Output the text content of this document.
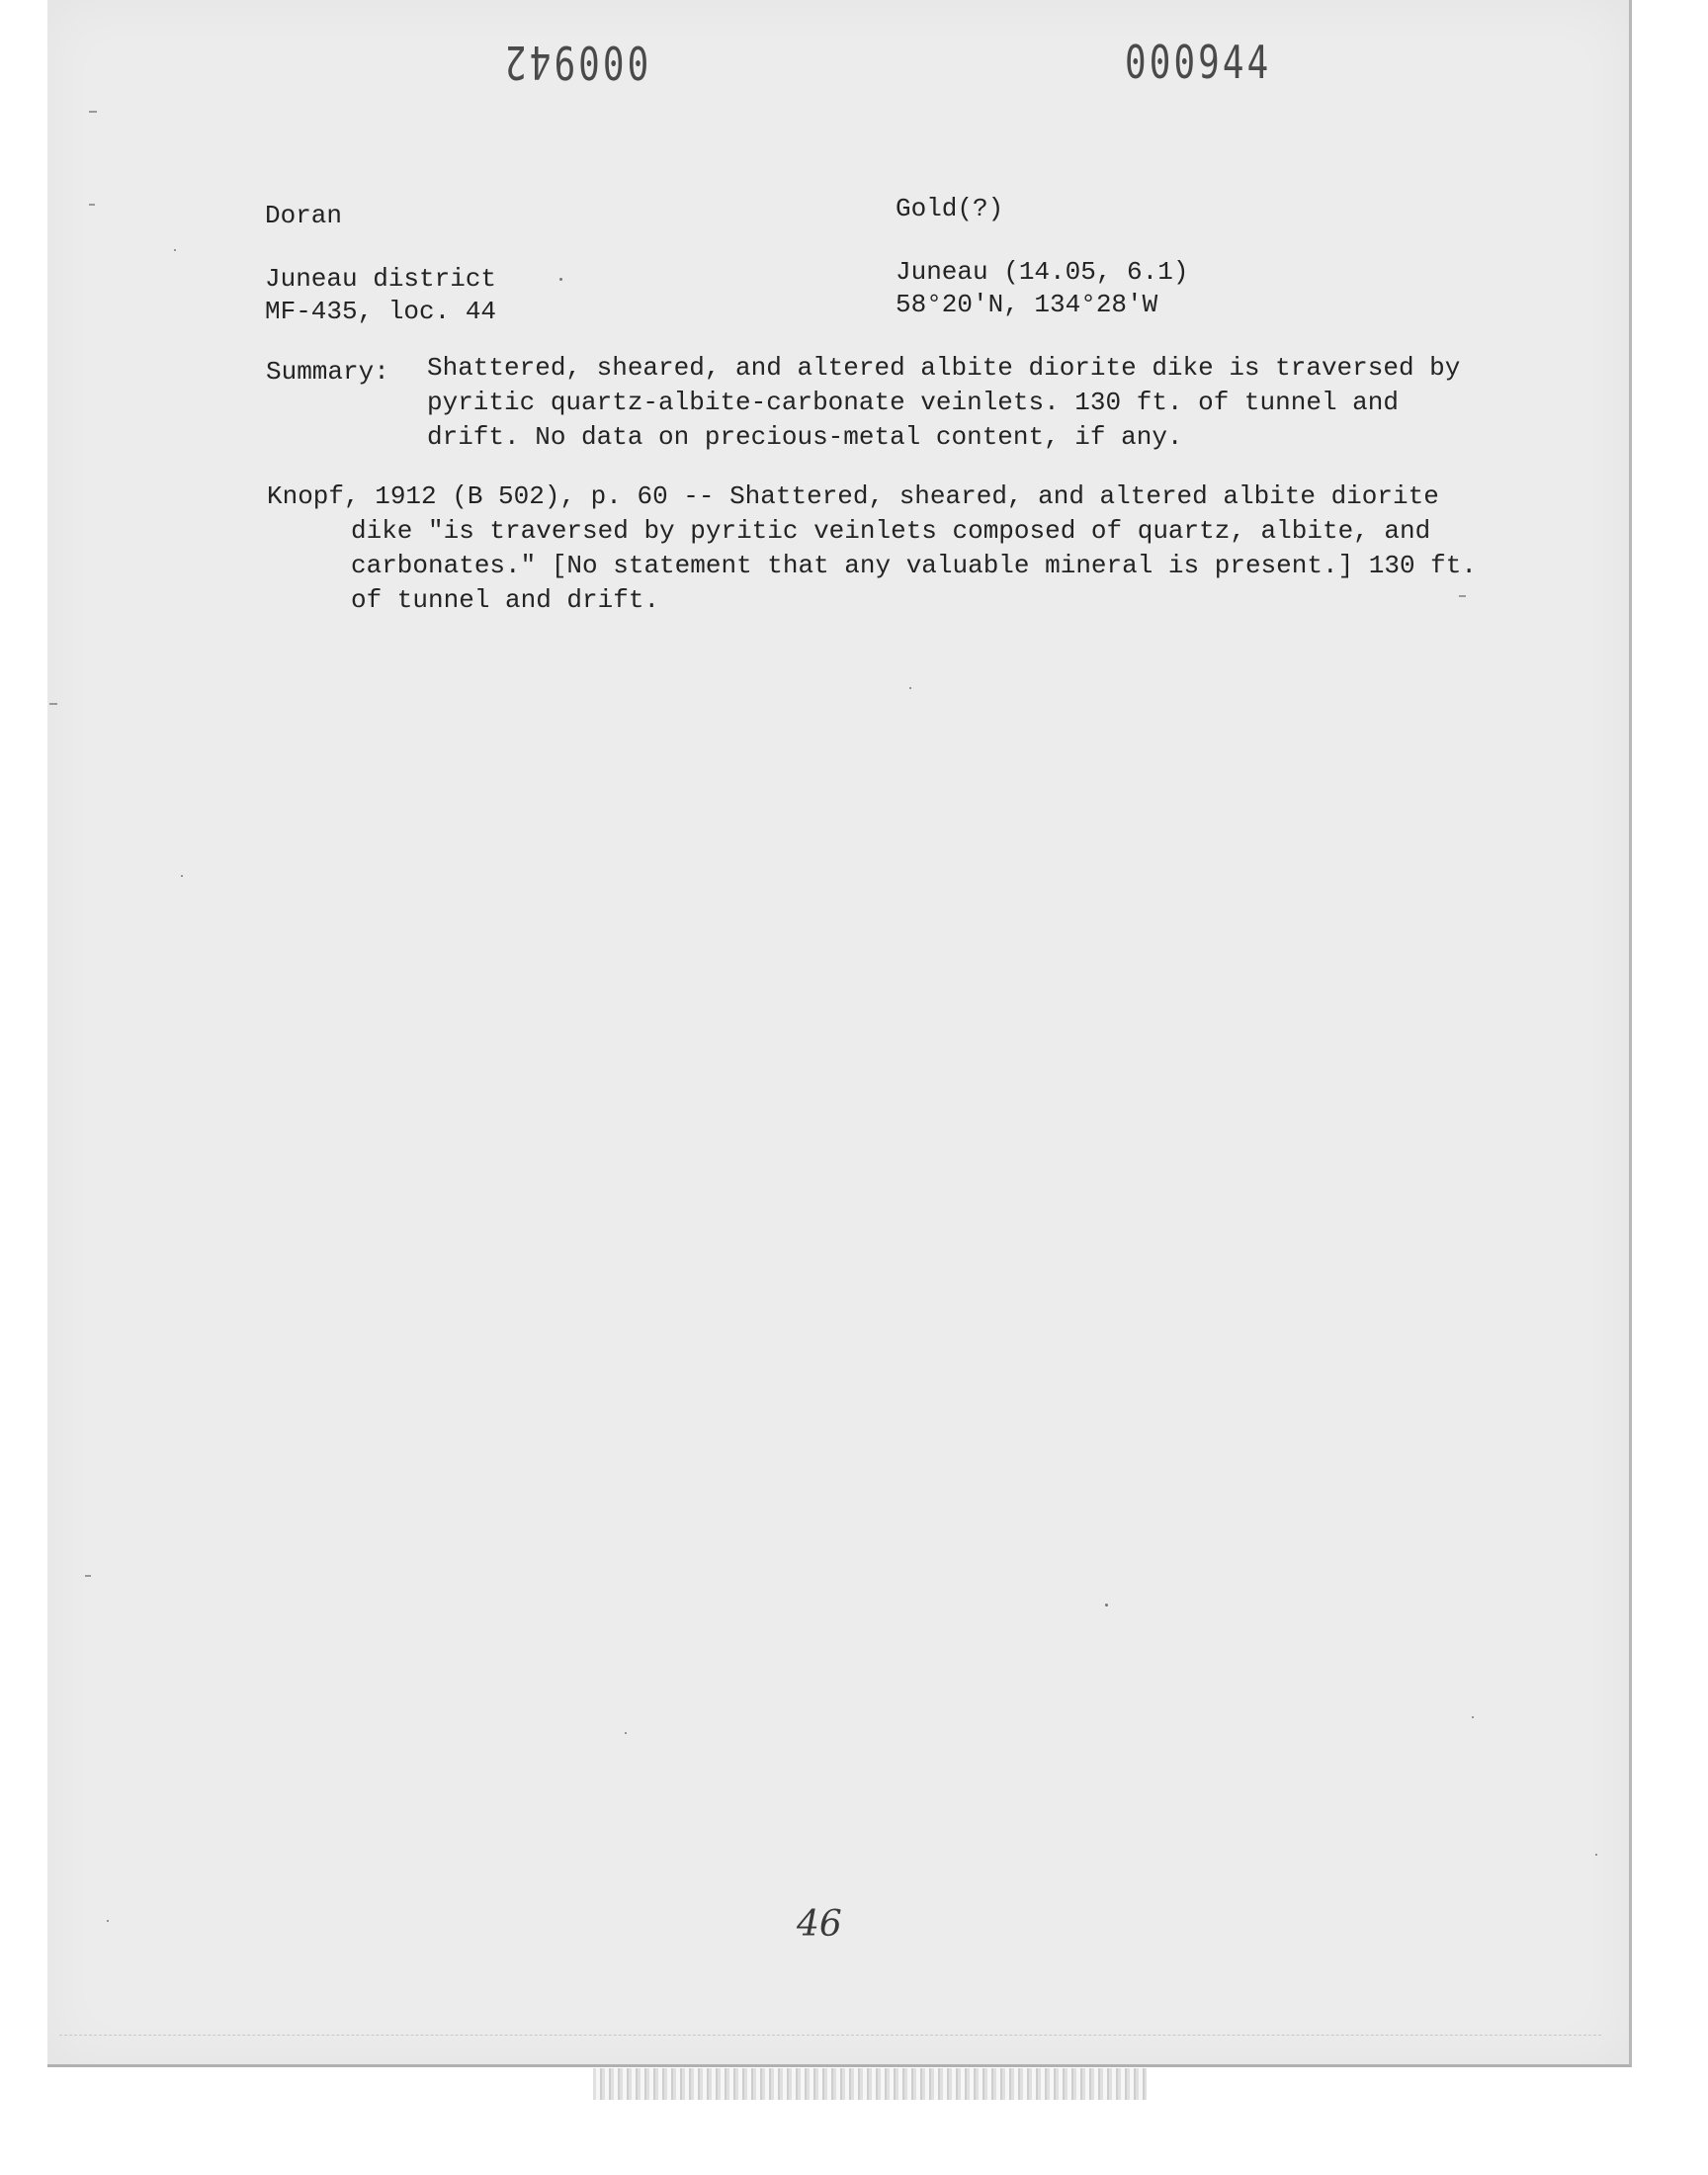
000942	000944
Doran	Gold(?)
Juneau district
MF-435, loc. 44
Juneau (14.05, 6.1)
58°20'N, 134°28'W
Summary: Shattered, sheared, and altered albite diorite dike is traversed by pyritic quartz-albite-carbonate veinlets. 130 ft. of tunnel and drift. No data on precious-metal content, if any.
Knopf, 1912 (B 502), p. 60 -- Shattered, sheared, and altered albite diorite dike "is traversed by pyritic veinlets composed of quartz, albite, and carbonates." [No statement that any valuable mineral is present.] 130 ft. of tunnel and drift.
46
